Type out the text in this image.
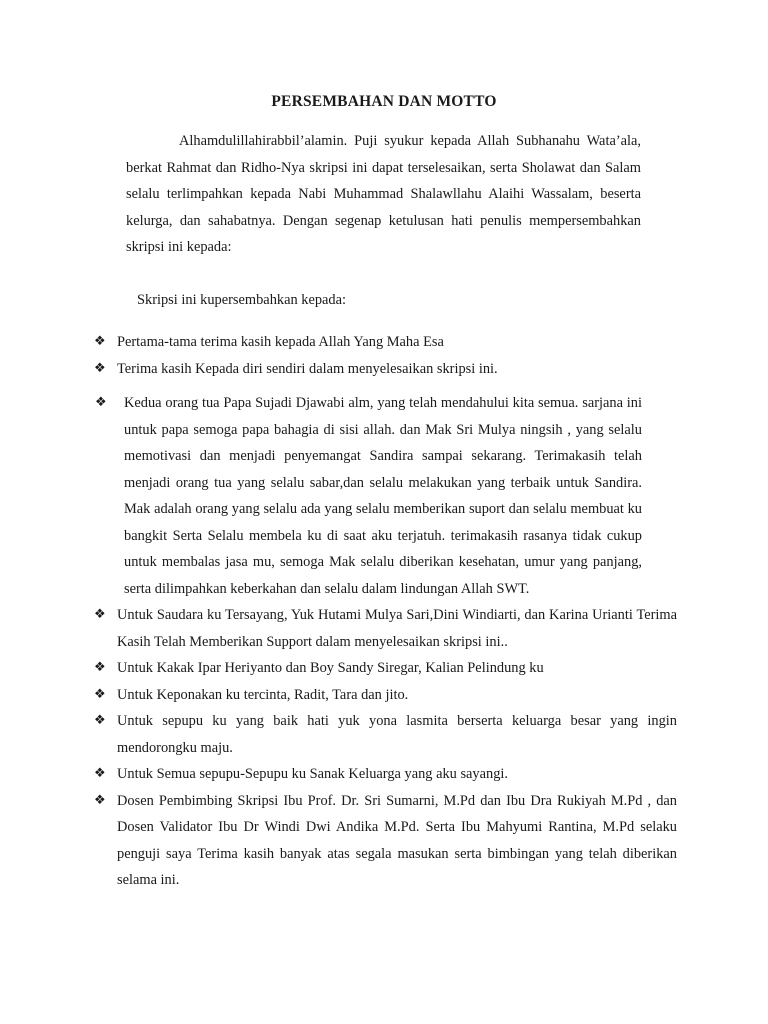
PERSEMBAHAN DAN MOTTO

Alhamdulillahirabbil’alamin. Puji syukur kepada Allah Subhanahu Wata’ala, berkat Rahmat dan Ridho-Nya skripsi ini dapat terselesaikan, serta Sholawat dan Salam selalu terlimpahkan kepada Nabi Muhammad Shalawllahu Alaihi Wassalam, beserta kelurga, dan sahabatnya. Dengan segenap ketulusan hati penulis mempersembahkan skripsi ini kepada:

Skripsi ini kupersembahkan kepada:

❖ Pertama-tama terima kasih kepada Allah Yang Maha Esa
❖ Terima kasih Kepada diri sendiri dalam menyelesaikan skripsi ini.
❖ Kedua orang tua Papa Sujadi Djawabi alm, yang telah mendahului kita semua. sarjana ini untuk papa semoga papa bahagia di sisi allah. dan Mak Sri Mulya ningsih , yang selalu memotivasi dan menjadi penyemangat Sandira sampai sekarang. Terimakasih telah menjadi orang tua yang selalu sabar,dan selalu melakukan yang terbaik untuk Sandira. Mak adalah orang yang selalu ada yang selalu memberikan suport dan selalu membuat ku bangkit Serta Selalu membela ku di saat aku terjatuh. terimakasih rasanya tidak cukup untuk membalas jasa mu, semoga Mak selalu diberikan kesehatan, umur yang panjang, serta dilimpahkan keberkahan dan selalu dalam lindungan Allah SWT.
❖ Untuk Saudara ku Tersayang, Yuk Hutami Mulya Sari,Dini Windiarti, dan Karina Urianti Terima Kasih Telah Memberikan Support dalam menyelesaikan skripsi ini..
❖ Untuk Kakak Ipar Heriyanto dan Boy Sandy Siregar, Kalian Pelindung ku
❖ Untuk Keponakan ku tercinta, Radit, Tara dan jito.
❖ Untuk sepupu ku yang baik hati yuk yona lasmita berserta keluarga besar yang ingin mendorongku maju.
❖ Untuk Semua sepupu-Sepupu ku Sanak Keluarga yang aku sayangi.
❖ Dosen Pembimbing Skripsi Ibu Prof. Dr. Sri Sumarni, M.Pd dan Ibu Dra Rukiyah M.Pd , dan Dosen Validator Ibu Dr Windi Dwi Andika M.Pd. Serta Ibu Mahyumi Rantina, M.Pd selaku penguji saya Terima kasih banyak atas segala masukan serta bimbingan yang telah diberikan selama ini.
